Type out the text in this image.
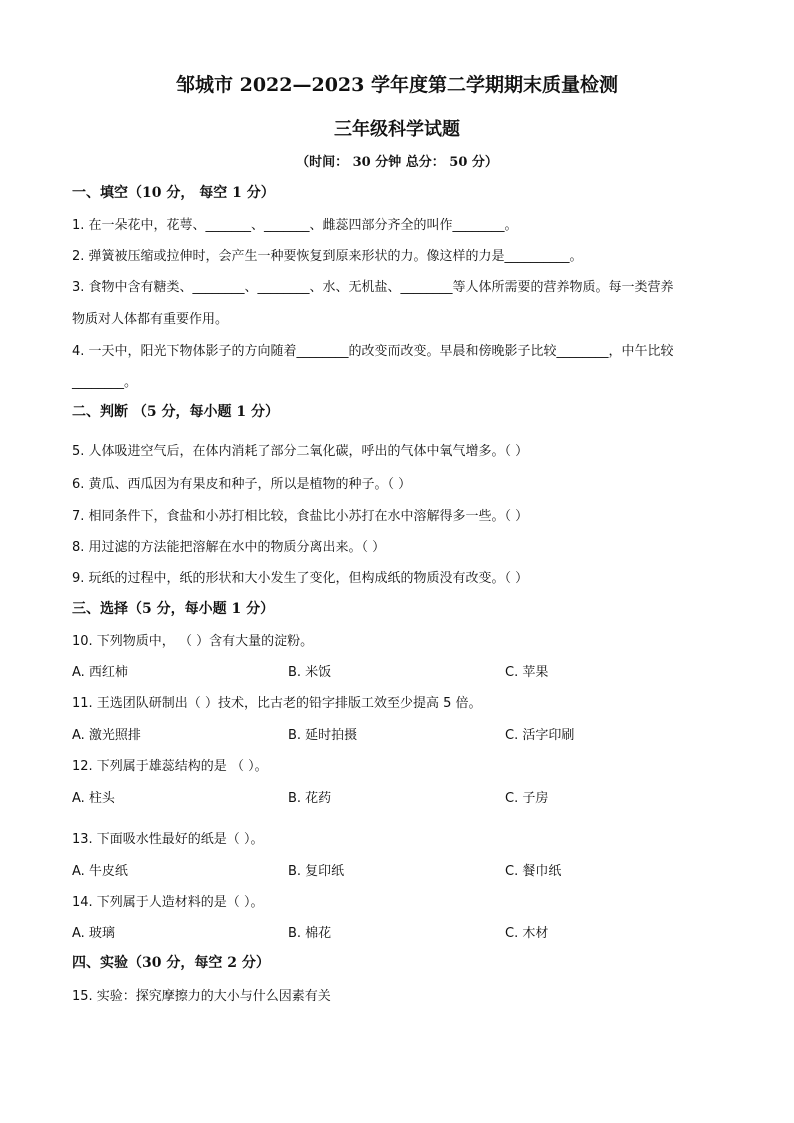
邹城市 2022—2023 学年度第二学期期末质量检测
三年级科学试题
（时间： 30 分钟 总分： 50 分）
一、填空（10 分， 每空 1 分）
1. 在一朵花中，花萼、_______、_______、雌蕊四部分齐全的叫作________。
2. 弹簧被压缩或拉伸时，会产生一种要恢复到原来形状的力。像这样的力是__________。
3. 食物中含有糖类、________、________、水、无机盐、________等人体所需要的营养物质。每一类营养
物质对人体都有重要作用。
4. 一天中，阳光下物体影子的方向随着________的改变而改变。早晨和傍晚影子比较________，中午比较
________。
二、判断 （5 分，每小题 1 分）
5. 人体吸进空气后，在体内消耗了部分二氧化碳，呼出的气体中氧气增多。（ ）
6. 黄瓜、西瓜因为有果皮和种子，所以是植物的种子。（ ）
7. 相同条件下，食盐和小苏打相比较，食盐比小苏打在水中溶解得多一些。（ ）
8. 用过滤的方法能把溶解在水中的物质分离出来。（ ）
9. 玩纸的过程中，纸的形状和大小发生了变化，但构成纸的物质没有改变。（ ）
三、选择（5 分，每小题 1 分）
10. 下列物质中， （ ）含有大量的淀粉。
A. 西红柿	B. 米饭	C. 苹果
11. 王选团队研制出（ ）技术，比古老的铅字排版工效至少提高 5 倍。
A. 激光照排	B. 延时拍摄	C. 活字印刷
12. 下列属于雄蕊结构的是 （ ）。
A. 柱头	B. 花药	C. 子房
13. 下面吸水性最好的纸是（ ）。
A. 牛皮纸	B. 复印纸	C. 餐巾纸
14. 下列属于人造材料的是（ ）。
A. 玻璃	B. 棉花	C. 木材
四、实验（30 分，每空 2 分）
15. 实验：探究摩擦力的大小与什么因素有关
